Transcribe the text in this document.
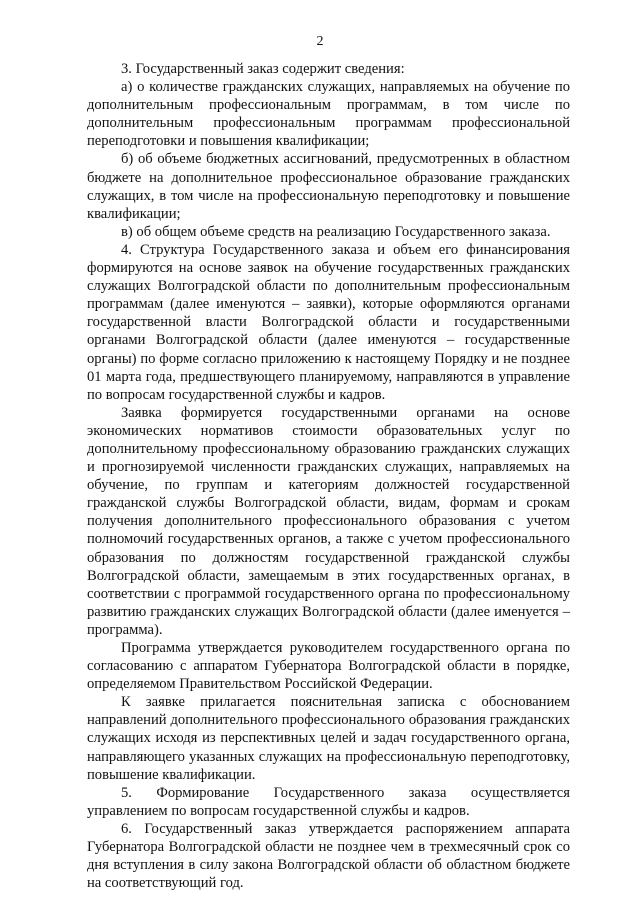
2

3. Государственный заказ содержит сведения:

а) о количестве гражданских служащих, направляемых на обучение по дополнительным профессиональным программам, в том числе по дополнительным профессиональным программам профессиональной переподготовки и повышения квалификации;

б) об объеме бюджетных ассигнований, предусмотренных в областном бюджете на дополнительное профессиональное образование гражданских служащих, в том числе на профессиональную переподготовку и повышение квалификации;

в) об общем объеме средств на реализацию Государственного заказа.

4. Структура Государственного заказа и объем его финансирования формируются на основе заявок на обучение государственных гражданских служащих Волгоградской области по дополнительным профессиональным программам (далее именуются – заявки), которые оформляются органами государственной власти Волгоградской области и государственными органами Волгоградской области (далее именуются – государственные органы) по форме согласно приложению к настоящему Порядку и не позднее 01 марта года, предшествующего планируемому, направляются в управление по вопросам государственной службы и кадров.

Заявка формируется государственными органами на основе экономических нормативов стоимости образовательных услуг по дополнительному профессиональному образованию гражданских служащих и прогнозируемой численности гражданских служащих, направляемых на обучение, по группам и категориям должностей государственной гражданской службы Волгоградской области, видам, формам и срокам получения дополнительного профессионального образования с учетом полномочий государственных органов, а также с учетом профессионального образования по должностям государственной гражданской службы Волгоградской области, замещаемым в этих государственных органах, в соответствии с программой государственного органа по профессиональному развитию гражданских служащих Волгоградской области (далее именуется – программа).

Программа утверждается руководителем государственного органа по согласованию с аппаратом Губернатора Волгоградской области в порядке, определяемом Правительством Российской Федерации.

К заявке прилагается пояснительная записка с обоснованием направлений дополнительного профессионального образования гражданских служащих исходя из перспективных целей и задач государственного органа, направляющего указанных служащих на профессиональную переподготовку, повышение квалификации.

5. Формирование Государственного заказа осуществляется управлением по вопросам государственной службы и кадров.

6. Государственный заказ утверждается распоряжением аппарата Губернатора Волгоградской области не позднее чем в трехмесячный срок со дня вступления в силу закона Волгоградской области об областном бюджете на соответствующий год.
